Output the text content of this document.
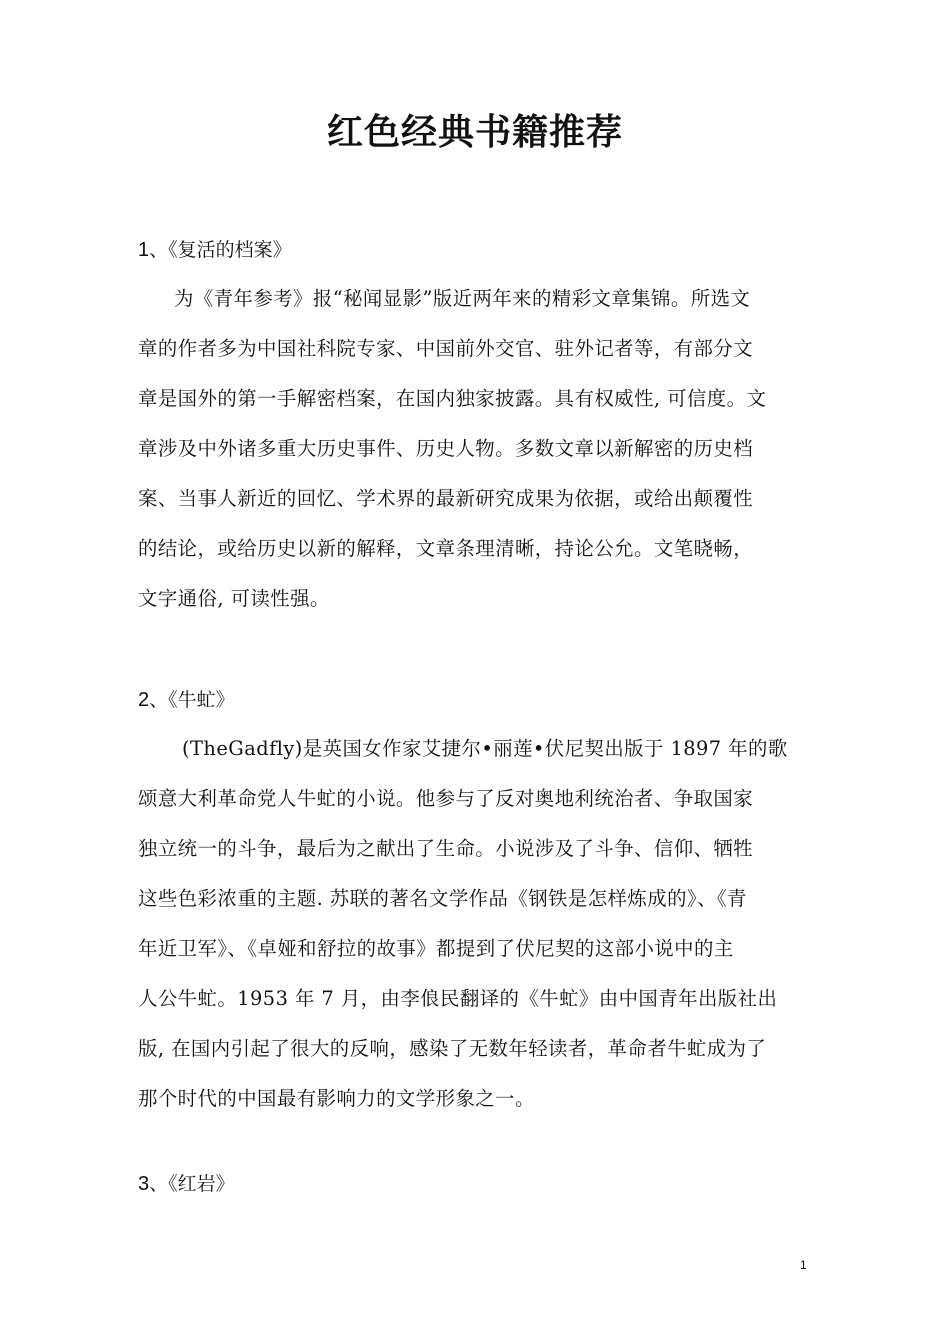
红色经典书籍推荐
1、《复活的档案》
为《青年参考》报“秘闻显影”版近两年来的精彩文章集锦。所选文
章的作者多为中国社科院专家、中国前外交官、驻外记者等，有部分文
章是国外的第一手解密档案，在国内独家披露。具有权威性, 可信度。文
章涉及中外诸多重大历史事件、历史人物。多数文章以新解密的历史档
案、当事人新近的回忆、学术界的最新研究成果为依据，或给出颠覆性
的结论，或给历史以新的解释，文章条理清晰，持论公允。文笔晓畅，
文字通俗, 可读性强。
2、《牛虻》
(TheGadfly)是英国女作家艾捷尔•丽莲•伏尼契出版于 1897 年的歌
颂意大利革命党人牛虻的小说。他参与了反对奥地利统治者、争取国家
独立统一的斗争，最后为之献出了生命。小说涉及了斗争、信仰、牺牲
这些色彩浓重的主题. 苏联的著名文学作品《钢铁是怎样炼成的》、《青
年近卫军》、《卓娅和舒拉的故事》都提到了伏尼契的这部小说中的主
人公牛虻。1953 年 7 月，由李俍民翻译的《牛虻》由中国青年出版社出
版, 在国内引起了很大的反响，感染了无数年轻读者，革命者牛虻成为了
那个时代的中国最有影响力的文学形象之一。
3、《红岩》
1
